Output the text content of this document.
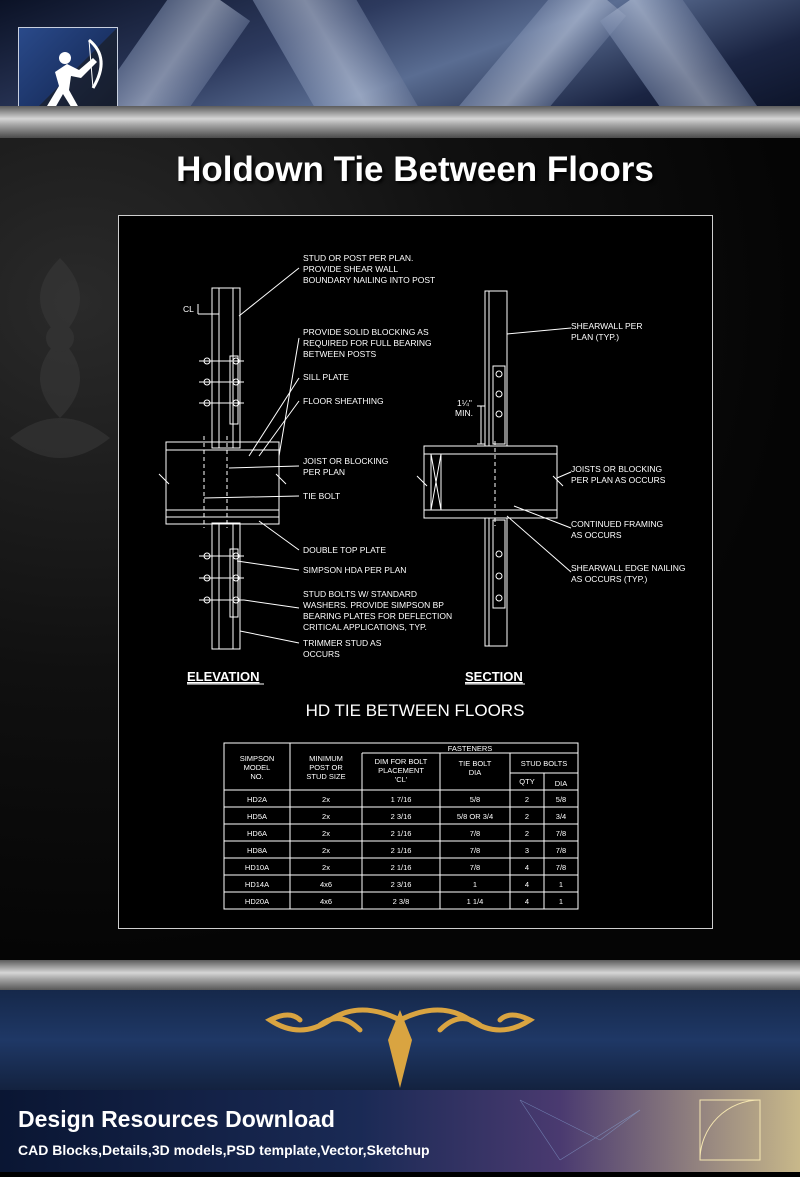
Holdown Tie Between Floors
CL
STUD OR POST PER PLAN.
PROVIDE SHEAR WALL
BOUNDARY NAILING INTO POST
PROVIDE SOLID BLOCKING AS
REQUIRED FOR FULL BEARING
BETWEEN POSTS
SILL PLATE
FLOOR SHEATHING
JOIST OR BLOCKING
PER PLAN
TIE BOLT
DOUBLE TOP PLATE
SIMPSON HDA PER PLAN
STUD BOLTS W/ STANDARD
WASHERS. PROVIDE SIMPSON BP
BEARING PLATES FOR DEFLECTION
CRITICAL APPLICATIONS, TYP.
TRIMMER STUD AS
OCCURS
SHEARWALL PER
PLAN (TYP.)
JOISTS OR BLOCKING
PER PLAN AS OCCURS
CONTINUED FRAMING
AS OCCURS
SHEARWALL EDGE NAILING
AS OCCURS (TYP.)
1¼"
MIN.
ELEVATION	SECTION
HD TIE BETWEEN FLOORS
SIMPSON
MODEL
NO.
MINIMUM
POST OR
STUD SIZE
FASTENERS
DIM FOR BOLT
PLACEMENT
'CL'
TIE BOLT
DIA
STUD BOLTS
QTY	DIA
HD2A	2x	1 7/16	5/8	2	5/8
HD5A	2x	2 3/16	5/8 OR 3/4	2	3/4
HD6A	2x	2 1/16	7/8	2	7/8
HD8A	2x	2 1/16	7/8	3	7/8
HD10A	2x	2 1/16	7/8	4	7/8
HD14A	4x6	2 3/16	1	4	1
HD20A	4x6	2 3/8	1 1/4	4	1
Design Resources Download
CAD Blocks,Details,3D models,PSD template,Vector,Sketchup
